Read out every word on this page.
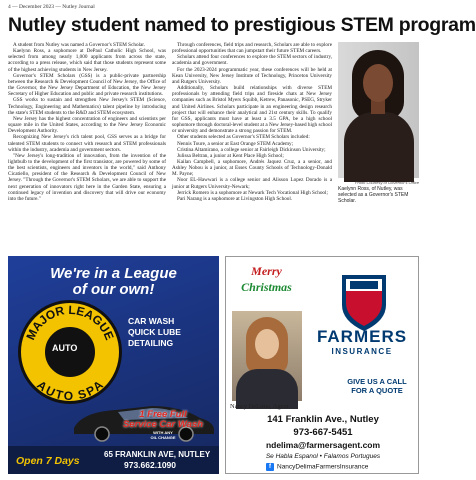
4 — December 2023 — Nutley Journal
Nutley student named to prestigious STEM program

A student from Nutley was named a Governor's STEM Scholar.

Kaelynn Ross, a sophomore at DePaul Catholic High School, was selected from among nearly 1,000 applicants from across the state, according to a press release, which said that those students represent some of the highest achieving students in New Jersey.

Governor's STEM Scholars (GSS) is a public-private partnership between the Research & Development Council of New Jersey, the Office of the Governor, the New Jersey Department of Education, the New Jersey Secretary of Higher Education and public and private research institutions.

GSS works to sustain and strengthen New Jersey's STEM (Science, Technology, Engineering and Mathematics) talent pipeline by introducing the state's STEM students to the R&D and STEM ecosystem.

New Jersey has the highest concentration of engineers and scientists per square mile in the United States, according to the New Jersey Economic Development Authority.

Recognizing New Jersey's rich talent pool, GSS serves as a bridge for talented STEM students to connect with research and STEM professionals within the industry, academia and government sectors.

"New Jersey's long-tradition of innovation, from the invention of the lightbulb to the development of the first transistor, are powered by some of the best scientists, engineers and inventors in the world," said Anthony Cicatiello, president of the Research & Development Council of New Jersey. "Through the Governor's STEM Scholars, we are able to support the next generation of innovators right here in the Garden State, ensuring a continued legacy of invention and discovery that will drive our economy into the future."

Through conferences, field trips and research, Scholars are able to explore professional opportunities that can jumpstart their future STEM careers.

Scholars attend four conferences to explore the STEM sectors of industry, academia and government.

For the 2023-2024 programmatic year, these conferences will be held at Kean University, New Jersey Institute of Technology, Princeton University and Rutgers University.

Additionally, Scholars build relationships with diverse STEM professionals by attending field trips and fireside chats at New Jersey companies such as Bristol Myers Squibb, Ketrew, Panasonic, PSEG, Stryker and United Airlines. Scholars participate in an engineering design research project that will enhance their analytical and 21st century skills. To qualify for GSS, applicants must have at least a 3.5 GPA, be a high school sophomore through doctoral-level student at a New Jersey-based high school or university and demonstrate a strong passion for STEM.

Other students selected as Governor's STEM Scholars included:

Nennis Toure, a senior at East Orange STEM Academy;

Cristina Altamirano, a college senior at Fairleigh Dickinson University;

Julissa Beltran, a junior at Kent Place High School;

Kailan Campbell, a sophomore, Andrés Jaquez Cruz, a a senior, and Ashley Nobou is a junior, at Essex County Schools of Technology-Donald M. Payne;

Noor EL-Hawwari is a college senior and Alisson Lopez Dorado is a junior at Rutgers University-Newark;

Jerrick Romero is a sophomore at Newark Tech Vocational High School;

Pari Narang is a sophomore at Livingston High School.

Photo Courtesy of Governor's Office
Kaelynn Ross, of Nutley, was selected as a Governor's STEM Scholar.
We're in a League
of our own!
MAJOR LEAGUE
AUTO SPA
AUTO
CAR WASH
QUICK LUBE
DETAILING
1 Free Full
Service Car Wash
WITH ANY
OIL CHANGE
Open 7 Days
65 FRANKLIN AVE, NUTLEY
973.662.1090
Merry
Christmas
Nancy DeLima, Agent
FARMERS
INSURANCE
GIVE US A CALL
FOR A QUOTE
141 Franklin Ave., Nutley
973-667-5451
ndelima@farmersagent.com
Se Habla Espanol • Falamos Portugues
f NancyDelimaFarmersInsurance
